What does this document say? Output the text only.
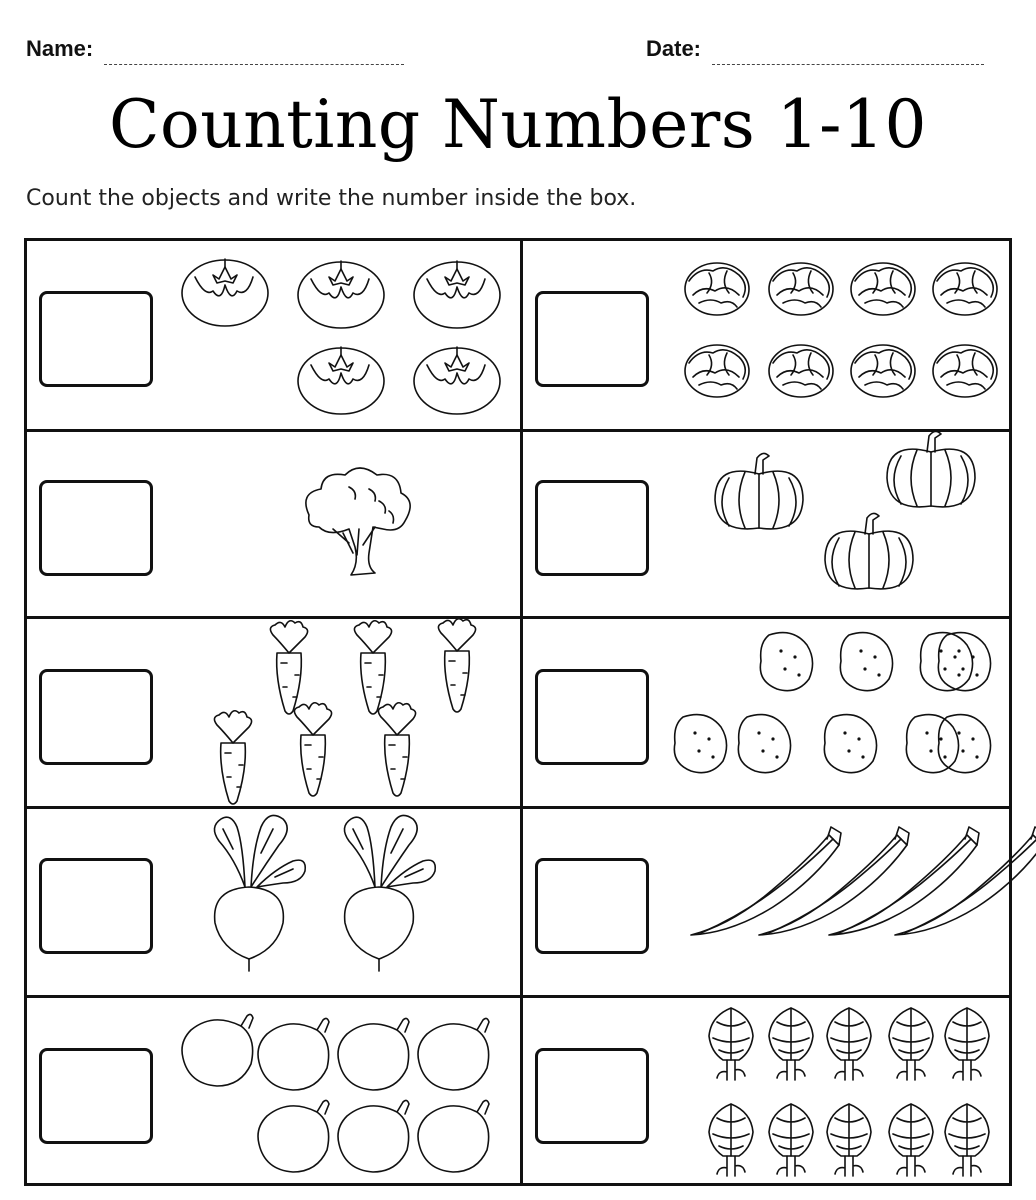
Name:	Date:
Counting Numbers 1-10
Count the objects and write the number inside the box.
